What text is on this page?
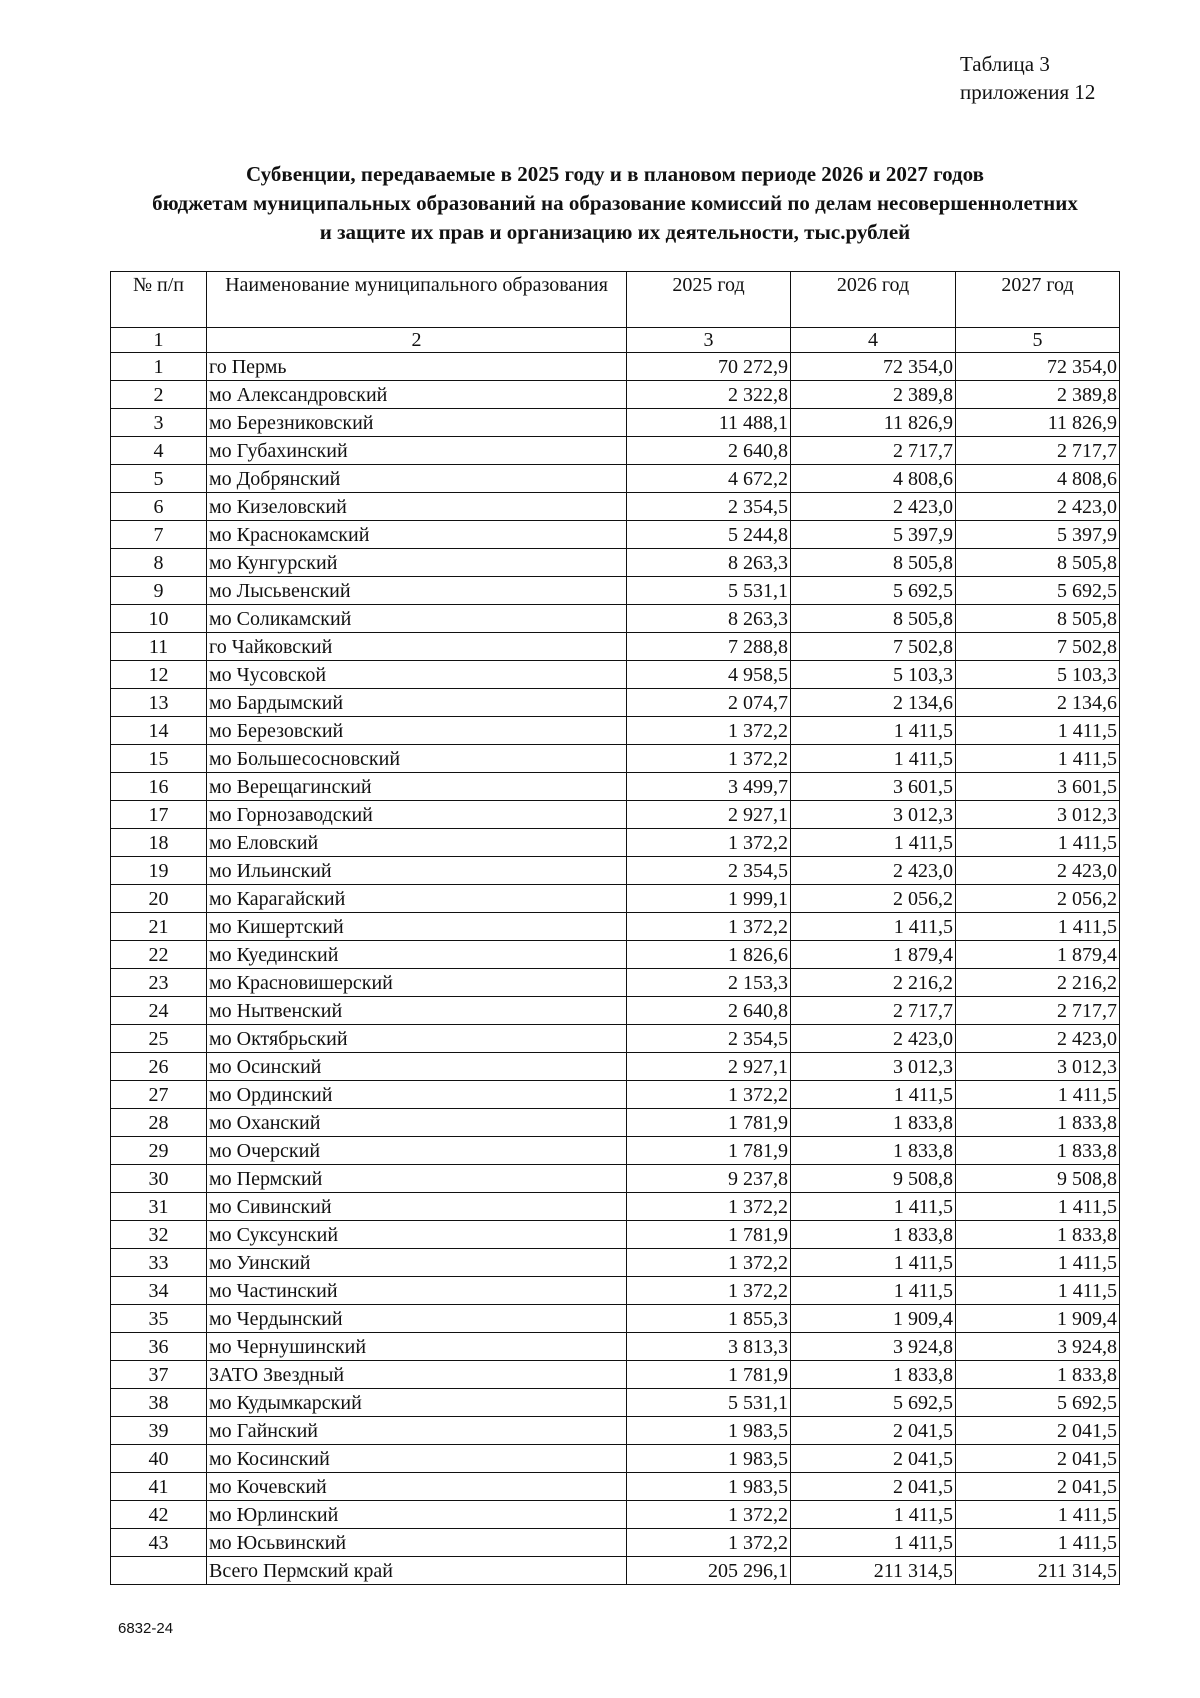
Таблица 3
приложения 12
Субвенции, передаваемые в 2025 году и в плановом периоде 2026 и 2027 годов
бюджетам муниципальных образований на образование комиссий по делам несовершеннолетних
и защите их прав и организацию их деятельности, тыс.рублей
№ п/п	Наименование муниципального образования	2025 год	2026 год	2027 год
1	2	3	4	5
1	го Пермь	70 272,9	72 354,0	72 354,0
2	мо Александровский	2 322,8	2 389,8	2 389,8
3	мо Березниковский	11 488,1	11 826,9	11 826,9
4	мо Губахинский	2 640,8	2 717,7	2 717,7
5	мо Добрянский	4 672,2	4 808,6	4 808,6
6	мо Кизеловский	2 354,5	2 423,0	2 423,0
7	мо Краснокамский	5 244,8	5 397,9	5 397,9
8	мо Кунгурский	8 263,3	8 505,8	8 505,8
9	мо Лысьвенский	5 531,1	5 692,5	5 692,5
10	мо Соликамский	8 263,3	8 505,8	8 505,8
11	го Чайковский	7 288,8	7 502,8	7 502,8
12	мо Чусовской	4 958,5	5 103,3	5 103,3
13	мо Бардымский	2 074,7	2 134,6	2 134,6
14	мо Березовский	1 372,2	1 411,5	1 411,5
15	мо Большесосновский	1 372,2	1 411,5	1 411,5
16	мо Верещагинский	3 499,7	3 601,5	3 601,5
17	мо Горнозаводский	2 927,1	3 012,3	3 012,3
18	мо Еловский	1 372,2	1 411,5	1 411,5
19	мо Ильинский	2 354,5	2 423,0	2 423,0
20	мо Карагайский	1 999,1	2 056,2	2 056,2
21	мо Кишертский	1 372,2	1 411,5	1 411,5
22	мо Куединский	1 826,6	1 879,4	1 879,4
23	мо Красновишерский	2 153,3	2 216,2	2 216,2
24	мо Нытвенский	2 640,8	2 717,7	2 717,7
25	мо Октябрьский	2 354,5	2 423,0	2 423,0
26	мо Осинский	2 927,1	3 012,3	3 012,3
27	мо Ординский	1 372,2	1 411,5	1 411,5
28	мо Оханский	1 781,9	1 833,8	1 833,8
29	мо Очерский	1 781,9	1 833,8	1 833,8
30	мо Пермский	9 237,8	9 508,8	9 508,8
31	мо Сивинский	1 372,2	1 411,5	1 411,5
32	мо Суксунский	1 781,9	1 833,8	1 833,8
33	мо Уинский	1 372,2	1 411,5	1 411,5
34	мо Частинский	1 372,2	1 411,5	1 411,5
35	мо Чердынский	1 855,3	1 909,4	1 909,4
36	мо Чернушинский	3 813,3	3 924,8	3 924,8
37	ЗАТО Звездный	1 781,9	1 833,8	1 833,8
38	мо Кудымкарский	5 531,1	5 692,5	5 692,5
39	мо Гайнский	1 983,5	2 041,5	2 041,5
40	мо Косинский	1 983,5	2 041,5	2 041,5
41	мо Кочевский	1 983,5	2 041,5	2 041,5
42	мо Юрлинский	1 372,2	1 411,5	1 411,5
43	мо Юсьвинский	1 372,2	1 411,5	1 411,5
	Всего Пермский край	205 296,1	211 314,5	211 314,5
6832-24
